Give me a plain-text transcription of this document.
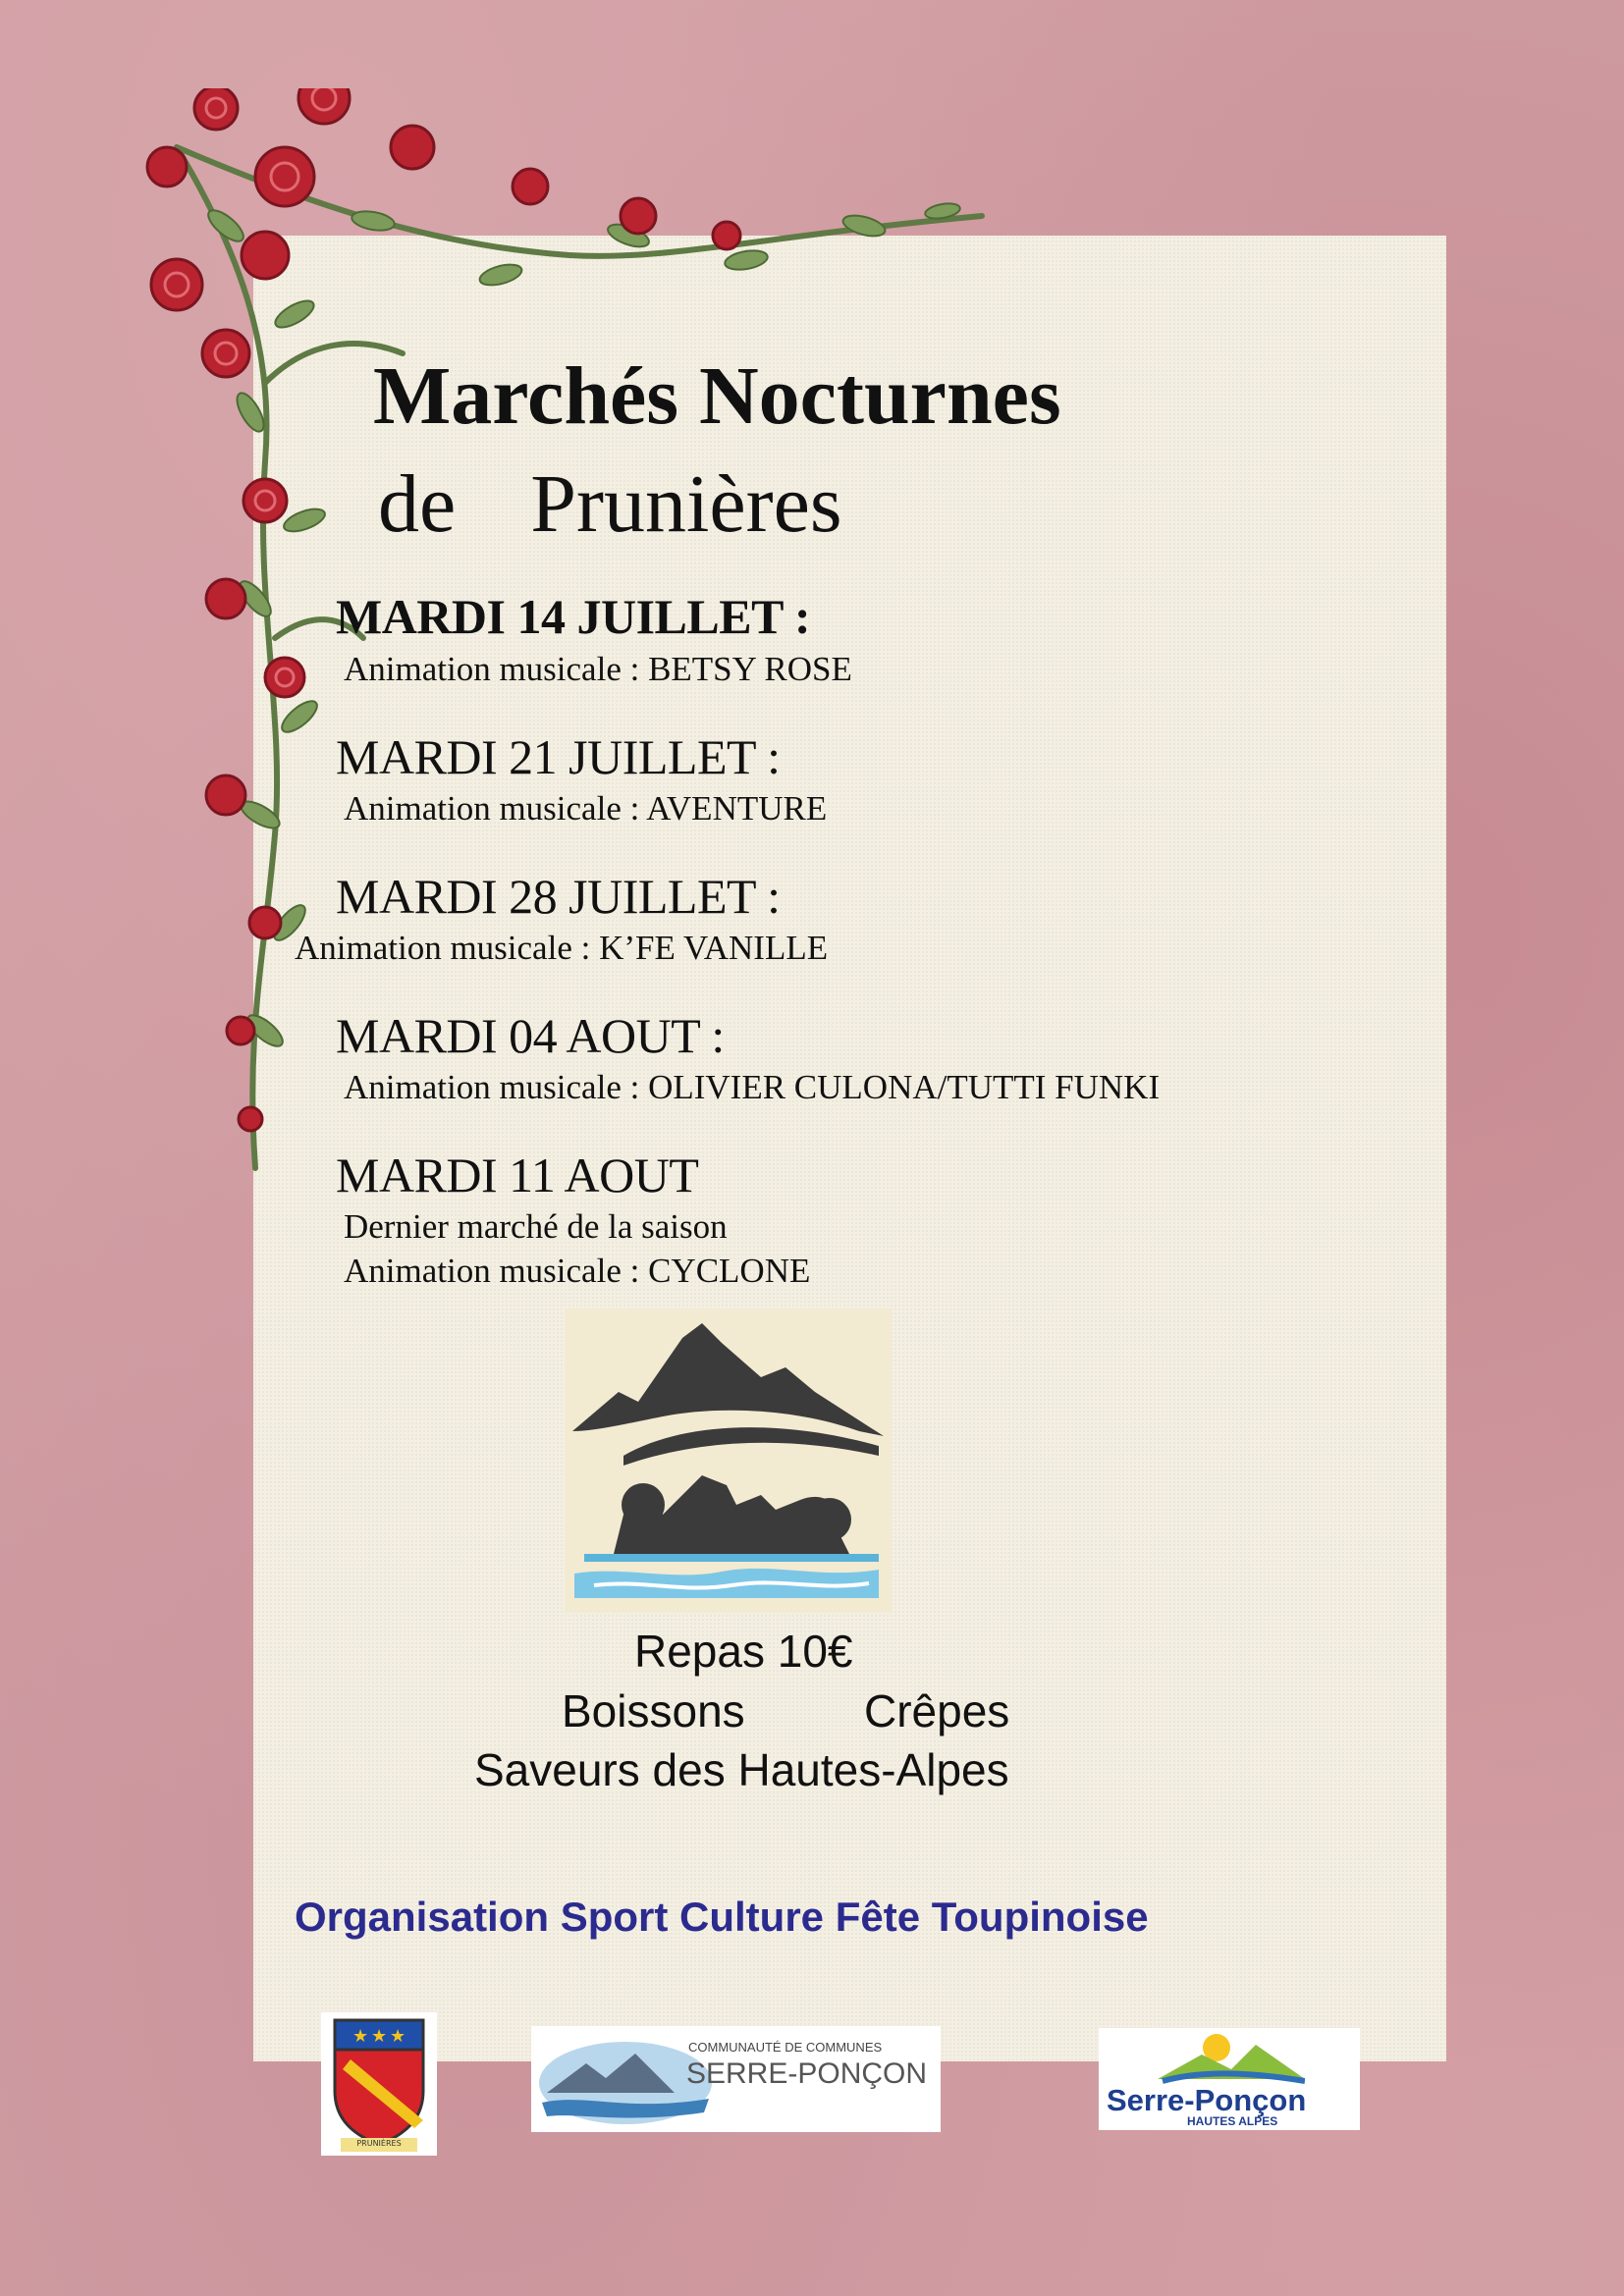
Marchés Nocturnes
de Prunières
MARDI 14 JUILLET :
Animation musicale : BETSY ROSE
MARDI 21 JUILLET :
Animation musicale : AVENTURE
MARDI 28 JUILLET :
Animation musicale : K’FE VANILLE
MARDI 04 AOUT :
Animation musicale : OLIVIER CULONA/TUTTI FUNKI
MARDI 11 AOUT
Dernier marché de la saison
Animation musicale : CYCLONE
Repas 10€
Boissons	Crêpes
Saveurs des Hautes-Alpes
Organisation Sport Culture Fête Toupinoise
★ ★ ★
PRUNIÈRES
COMMUNAUTÉ DE COMMUNES
SERRE-PONÇON
Serre-Ponçon
HAUTES ALPES
